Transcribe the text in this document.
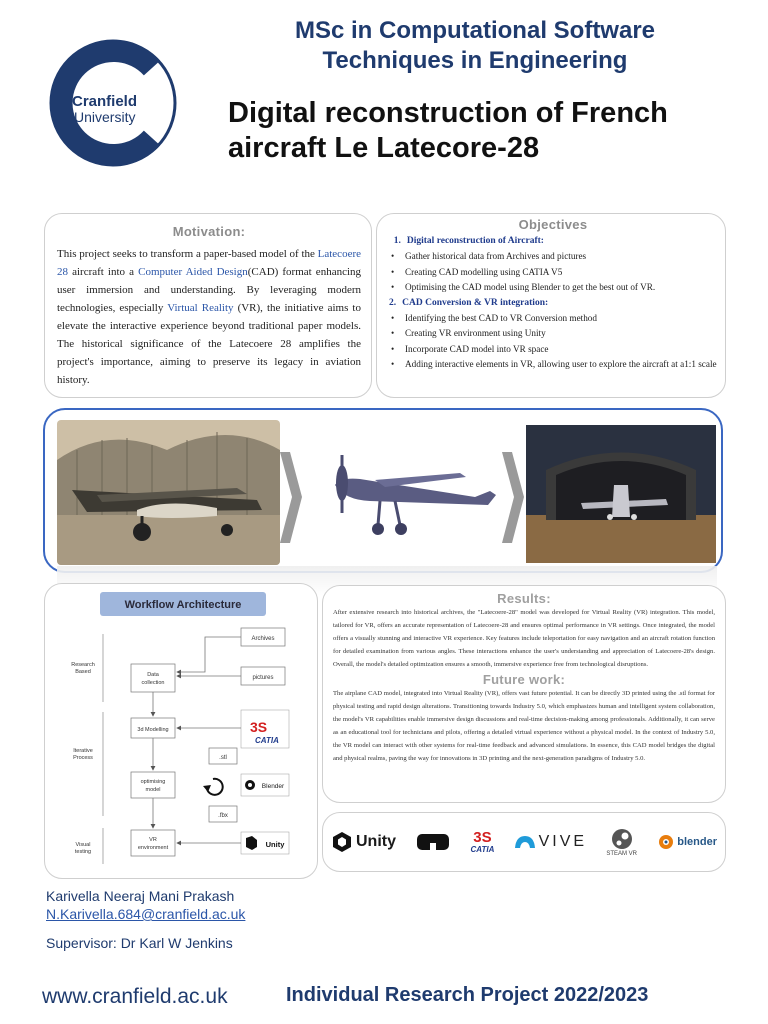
Cranfield
University
MSc in Computational Software Techniques in Engineering
Digital reconstruction of French aircraft Le Latecore-28
Motivation:

This project seeks to transform a paper-based model of the Latecoere 28 aircraft into a Computer Aided Design(CAD) format enhancing user immersion and understanding. By leveraging modern technologies, especially Virtual Reality (VR), the initiative aims to elevate the interactive experience beyond traditional paper models. The historical significance of the Latecoere 28 amplifies the project's importance, aiming to preserve its legacy in aviation history.

Objectives
1. Digital reconstruction of Aircraft:
• Gather historical data from Archives and pictures
• Creating CAD modelling using CATIA V5
• Optimising the CAD model using Blender to get the best out of VR.
2. CAD Conversion & VR integration:
• Identifying the best CAD to VR Conversion method
• Creating VR environment using Unity
• Incorporate CAD model into VR space
• Adding interactive elements in VR, allowing user to explore the aircraft at a1:1 scale
Workflow Architecture
Archives
pictures
Data
collection
Research
Based
3d Modelling	3S
CATIA
.stl
optimising
model	Blender
.fbx
Iterative
Process
VR
environment	Unity
Visual
testing
Results:

After extensive research into historical archives, the "Latecoere-28" model was developed for Virtual Reality (VR) integration. This model, tailored for VR, offers an accurate representation of Latecoere-28 and ensures optimal performance in VR settings. Once integrated, the model offers a visually stunning and interactive VR experience. Key features include teleportation for easy navigation and an aircraft rotation function for detailed examination from various angles. These interactions enhance the user's understanding and appreciation of Latecoere-28's design. Overall, the model's detailed optimization ensures a smooth, immersive experience free from technological disruptions.

Future work:

The airplane CAD model, integrated into Virtual Reality (VR), offers vast future potential. It can be directly 3D printed using the .stl format for physical testing and rapid design alterations. Transitioning towards Industry 5.0, which emphasizes human and intelligent system collaboration, the model's VR capabilities enable immersive design discussions and real-time decision-making among professionals. Additionally, it can serve as an educational tool for technicians and pilots, offering a detailed virtual experience without a physical model. In the context of Industry 5.0, the VR model can interact with other systems for real-time feedback and advanced simulations. In essence, this CAD model bridges the digital and physical realms, paving the way for innovations in 3D printing and the next-generation paradigms of Industry 5.0.

Unity	3S
CATIA	VIVE
STEAM VR
blender
Karivella Neeraj Mani Prakash
N.Karivella.684@cranfield.ac.uk
Supervisor: Dr Karl W Jenkins
www.cranfield.ac.uk	Individual Research Project 2022/2023
